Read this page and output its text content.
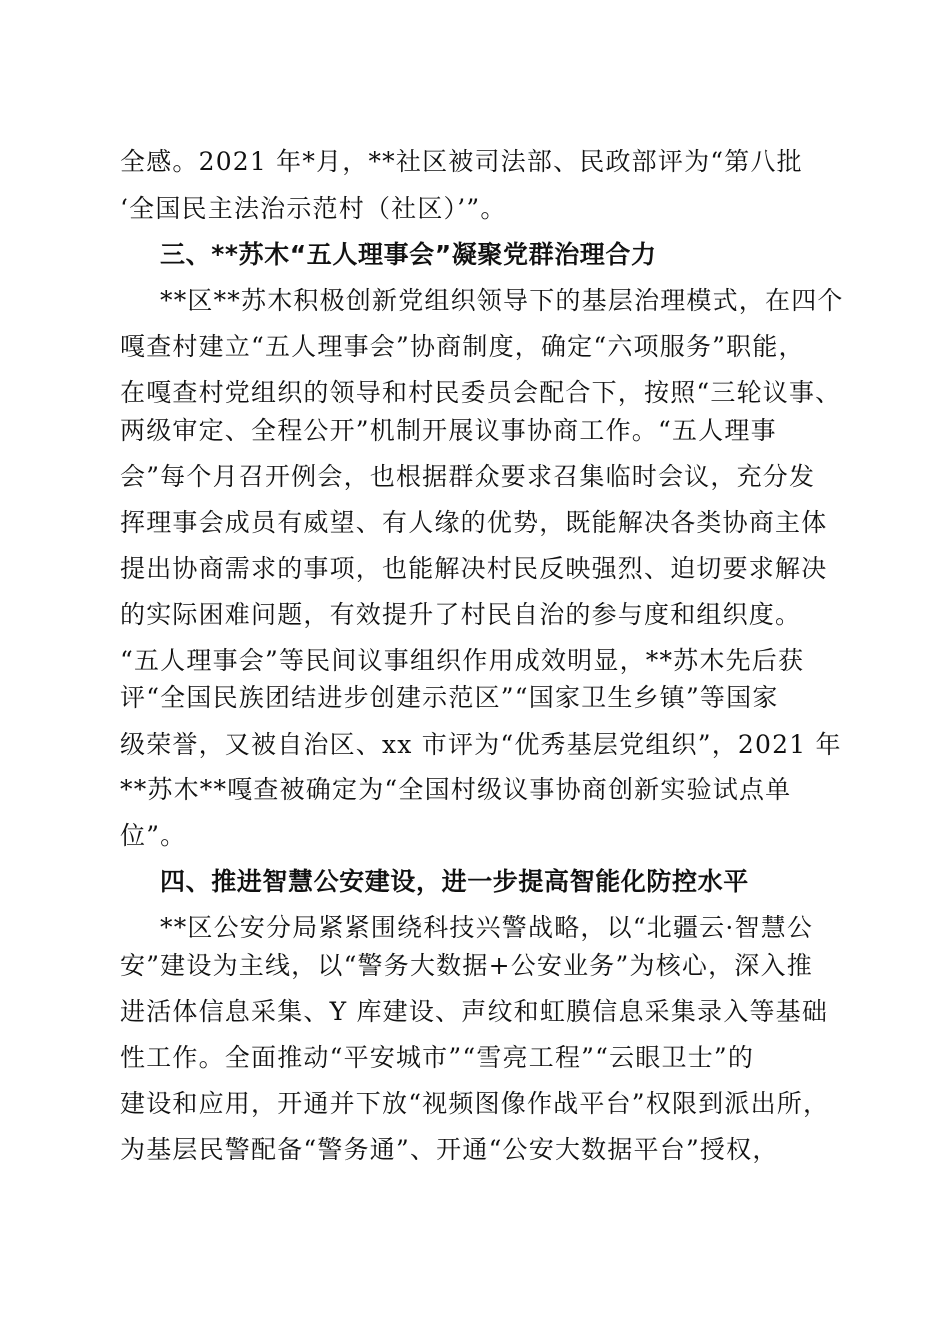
全感。2021 年*月，**社区被司法部、民政部评为“第八批
‘全国民主法治示范村（社区）’”。
三、**苏木“五人理事会”凝聚党群治理合力
**区**苏木积极创新党组织领导下的基层治理模式，在四个
嘎查村建立“五人理事会”协商制度，确定“六项服务”职能，
在嘎查村党组织的领导和村民委员会配合下，按照“三轮议事、
两级审定、全程公开”机制开展议事协商工作。“五人理事
会”每个月召开例会，也根据群众要求召集临时会议，充分发
挥理事会成员有威望、有人缘的优势，既能解决各类协商主体
提出协商需求的事项，也能解决村民反映强烈、迫切要求解决
的实际困难问题，有效提升了村民自治的参与度和组织度。
“五人理事会”等民间议事组织作用成效明显，**苏木先后获
评“全国民族团结进步创建示范区”“国家卫生乡镇”等国家
级荣誉，又被自治区、xx 市评为“优秀基层党组织”，2021 年
**苏木**嘎查被确定为“全国村级议事协商创新实验试点单
位”。
四、推进智慧公安建设，进一步提高智能化防控水平
**区公安分局紧紧围绕科技兴警战略，以“北疆云·智慧公
安”建设为主线，以“警务大数据+公安业务”为核心，深入推
进活体信息采集、Y 库建设、声纹和虹膜信息采集录入等基础
性工作。全面推动“平安城市”“雪亮工程”“云眼卫士”的
建设和应用，开通并下放“视频图像作战平台”权限到派出所，
为基层民警配备“警务通”、开通“公安大数据平台”授权，
